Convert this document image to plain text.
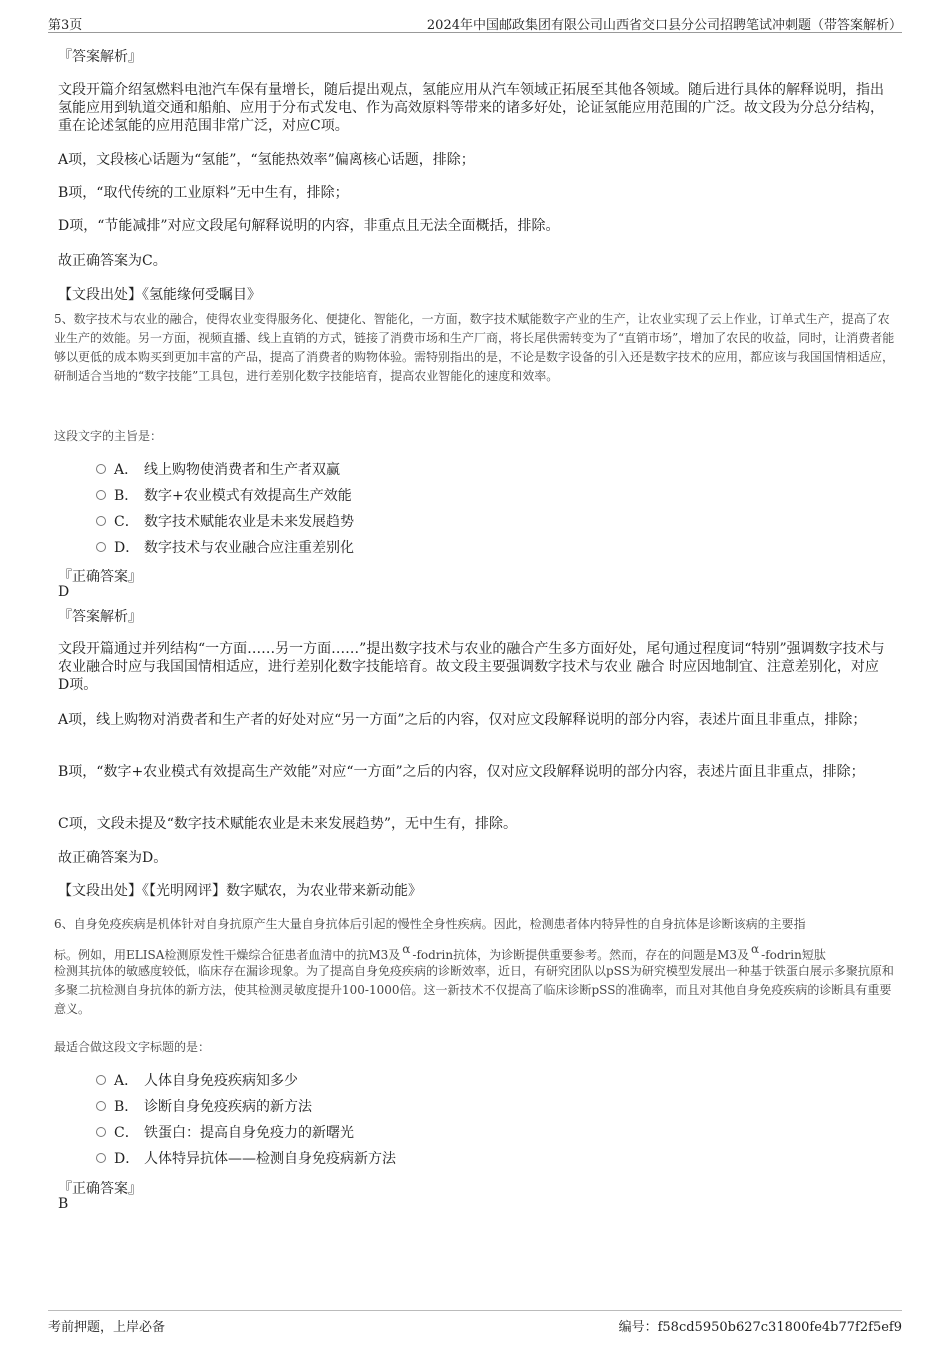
第3页	2024年中国邮政集团有限公司山西省交口县分公司招聘笔试冲刺题（带答案解析）
『答案解析』
文段开篇介绍氢燃料电池汽车保有量增长，随后提出观点，氢能应用从汽车领域正拓展至其他各领域。随后进行具体的解释说明，指出氢能应用到轨道交通和船舶、应用于分布式发电、作为高效原料等带来的诸多好处，论证氢能应用范围的广泛。故文段为分总分结构，重在论述氢能的应用范围非常广泛，对应C项。
A项，文段核心话题为“氢能”，“氢能热效率”偏离核心话题，排除；
B项，“取代传统的工业原料”无中生有，排除；
D项，“节能减排”对应文段尾句解释说明的内容，非重点且无法全面概括，排除。
故正确答案为C。
【文段出处】《氢能缘何受瞩目》
5、数字技术与农业的融合，使得农业变得服务化、便捷化、智能化，一方面，数字技术赋能数字产业的生产，让农业实现了云上作业，订单式生产，提高了农业生产的效能。另一方面，视频直播、线上直销的方式，链接了消费市场和生产厂商，将长尾供需转变为了“直销市场”，增加了农民的收益，同时，让消费者能够以更低的成本购买到更加丰富的产品，提高了消费者的购物体验。需特别指出的是，不论是数字设备的引入还是数字技术的应用，都应该与我国国情相适应，研制适合当地的“数字技能”工具包，进行差别化数字技能培育，提高农业智能化的速度和效率。
这段文字的主旨是：
A． 线上购物使消费者和生产者双赢
B． 数字+农业模式有效提高生产效能
C． 数字技术赋能农业是未来发展趋势
D． 数字技术与农业融合应注重差别化
『正确答案』
D
『答案解析』
文段开篇通过并列结构“一方面……另一方面……”提出数字技术与农业的融合产生多方面好处，尾句通过程度词“特别”强调数字技术与农业融合时应与我国国情相适应，进行差别化数字技能培育。故文段主要强调数字技术与农业 融合 时应因地制宜、注意差别化，对应D项。
A项，线上购物对消费者和生产者的好处对应“另一方面”之后的内容，仅对应文段解释说明的部分内容，表述片面且非重点，排除；
B项，“数字+农业模式有效提高生产效能”对应“一方面”之后的内容，仅对应文段解释说明的部分内容，表述片面且非重点，排除；
C项，文段未提及“数字技术赋能农业是未来发展趋势”，无中生有，排除。
故正确答案为D。
【文段出处】《【光明网评】数字赋农，为农业带来新动能》
6、自身免疫疾病是机体针对自身抗原产生大量自身抗体后引起的慢性全身性疾病。因此，检测患者体内特异性的自身抗体是诊断该病的主要指
标。例如，用ELISA检测原发性干燥综合征患者血清中的抗M3及 α -fodrin抗体，为诊断提供重要参考。然而，存在的问题是M3及 α -fodrin短肽
检测其抗体的敏感度较低，临床存在漏诊现象。为了提高自身免疫疾病的诊断效率，近日，有研究团队以pSS为研究模型发展出一种基于铁蛋白展示多聚抗原和多聚二抗检测自身抗体的新方法，使其检测灵敏度提升100-1000倍。这一新技术不仅提高了临床诊断pSS的准确率，而且对其他自身免疫疾病的诊断具有重要意义。
最适合做这段文字标题的是：
A． 人体自身免疫疾病知多少
B． 诊断自身免疫疾病的新方法
C． 铁蛋白：提高自身免疫力的新曙光
D． 人体特异抗体——检测自身免疫病新方法
『正确答案』
B
考前押题，上岸必备	编号：f58cd5950b627c31800fe4b77f2f5ef9
